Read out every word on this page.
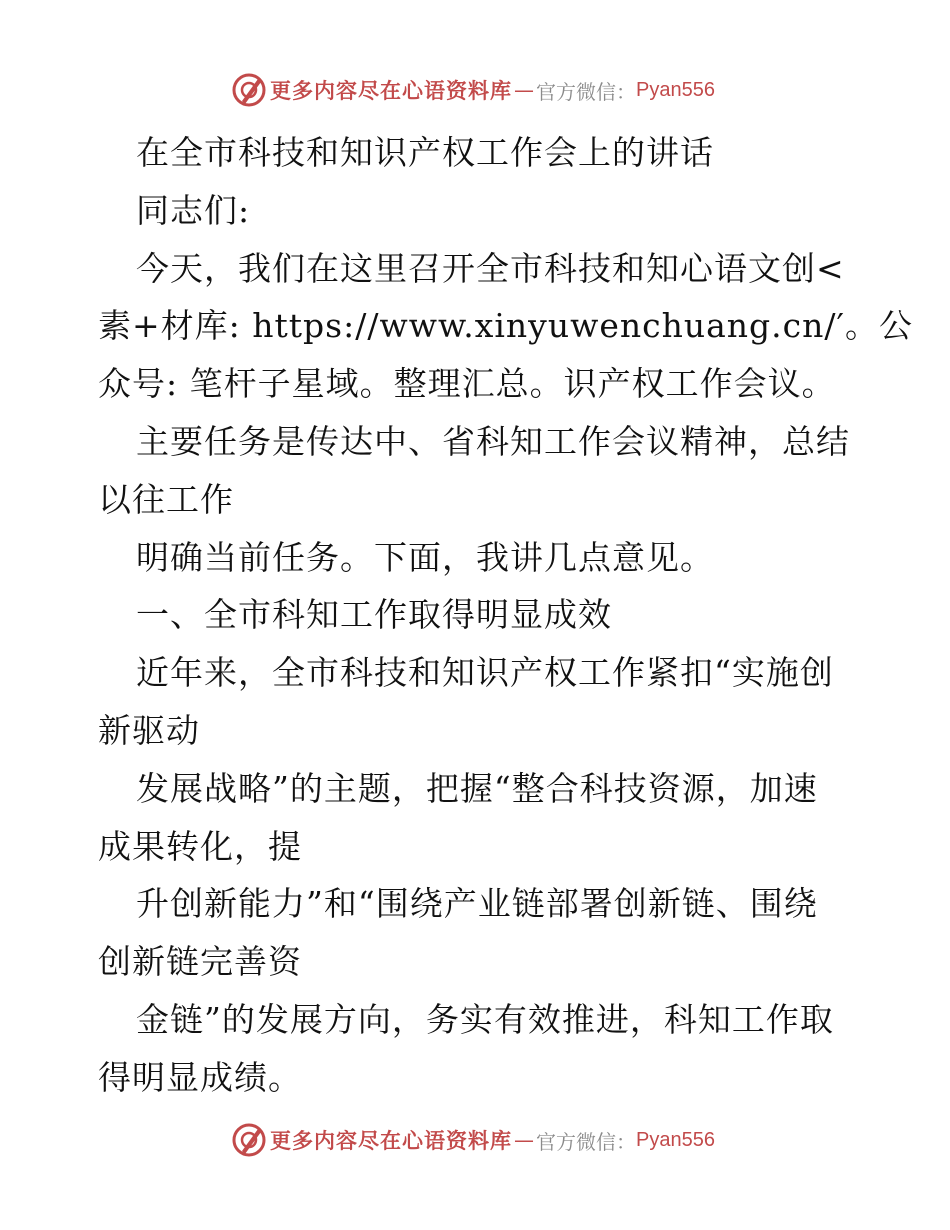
更多内容尽在心语资料库 — 官方微信： Pyan556
在全市科技和知识产权工作会上的讲话
同志们:
今天，我们在这里召开全市科技和知心语文创<
素+材库: https://www.xinyuwenchuang.cn/′。公
众号: 笔杆子星域。整理汇总。识产权工作会议。
主要任务是传达中、省科知工作会议精神，总结
以往工作
明确当前任务。下面，我讲几点意见。
一、全市科知工作取得明显成效
近年来，全市科技和知识产权工作紧扣“实施创
新驱动
发展战略”的主题，把握“整合科技资源，加速
成果转化，提
升创新能力”和“围绕产业链部署创新链、围绕
创新链完善资
金链”的发展方向，务实有效推进，科知工作取
得明显成绩。
更多内容尽在心语资料库 — 官方微信： Pyan556
